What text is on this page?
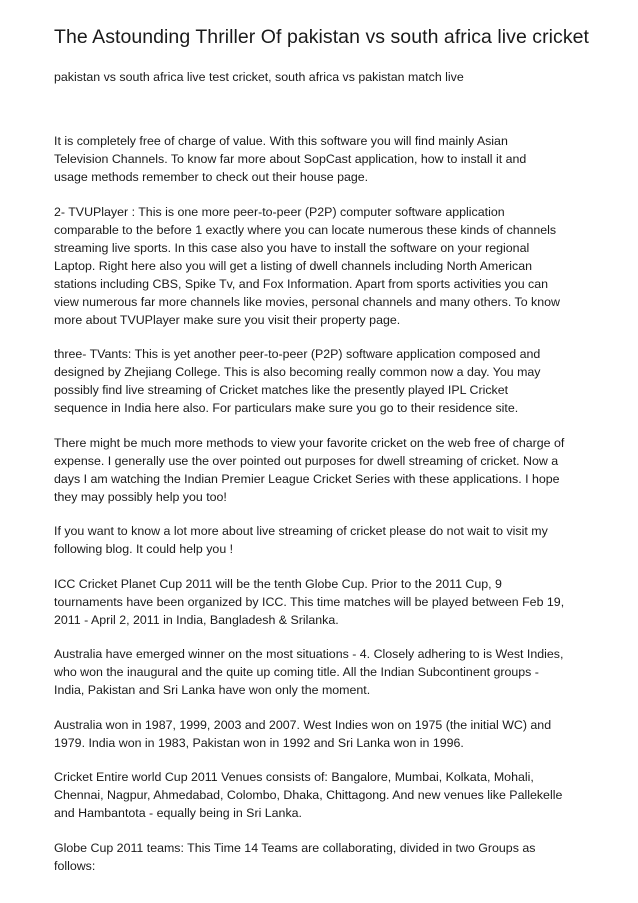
The Astounding Thriller Of pakistan vs south africa live cricket

pakistan vs south africa live test cricket, south africa vs pakistan match live

It is completely free of charge of value. With this software you will find mainly Asian
Television Channels. To know far more about SopCast application, how to install it and
usage methods remember to check out their house page.

2- TVUPlayer : This is one more peer-to-peer (P2P) computer software application
comparable to the before 1 exactly where you can locate numerous these kinds of channels
streaming live sports. In this case also you have to install the software on your regional
Laptop. Right here also you will get a listing of dwell channels including North American
stations including CBS, Spike Tv, and Fox Information. Apart from sports activities you can
view numerous far more channels like movies, personal channels and many others. To know
more about TVUPlayer make sure you visit their property page.

three- TVants: This is yet another peer-to-peer (P2P) software application composed and
designed by Zhejiang College. This is also becoming really common now a day. You may
possibly find live streaming of Cricket matches like the presently played IPL Cricket
sequence in India here also. For particulars make sure you go to their residence site.

There might be much more methods to view your favorite cricket on the web free of charge of
expense. I generally use the over pointed out purposes for dwell streaming of cricket. Now a
days I am watching the Indian Premier League Cricket Series with these applications. I hope
they may possibly help you too!

If you want to know a lot more about live streaming of cricket please do not wait to visit my
following blog. It could help you !

ICC Cricket Planet Cup 2011 will be the tenth Globe Cup. Prior to the 2011 Cup, 9
tournaments have been organized by ICC. This time matches will be played between Feb 19,
2011 - April 2, 2011 in India, Bangladesh & Srilanka.

Australia have emerged winner on the most situations - 4. Closely adhering to is West Indies,
who won the inaugural and the quite up coming title. All the Indian Subcontinent groups -
India, Pakistan and Sri Lanka have won only the moment.

Australia won in 1987, 1999, 2003 and 2007. West Indies won on 1975 (the initial WC) and
1979. India won in 1983, Pakistan won in 1992 and Sri Lanka won in 1996.

Cricket Entire world Cup 2011 Venues consists of: Bangalore, Mumbai, Kolkata, Mohali,
Chennai, Nagpur, Ahmedabad, Colombo, Dhaka, Chittagong. And new venues like Pallekelle
and Hambantota - equally being in Sri Lanka.

Globe Cup 2011 teams: This Time 14 Teams are collaborating, divided in two Groups as
follows:
